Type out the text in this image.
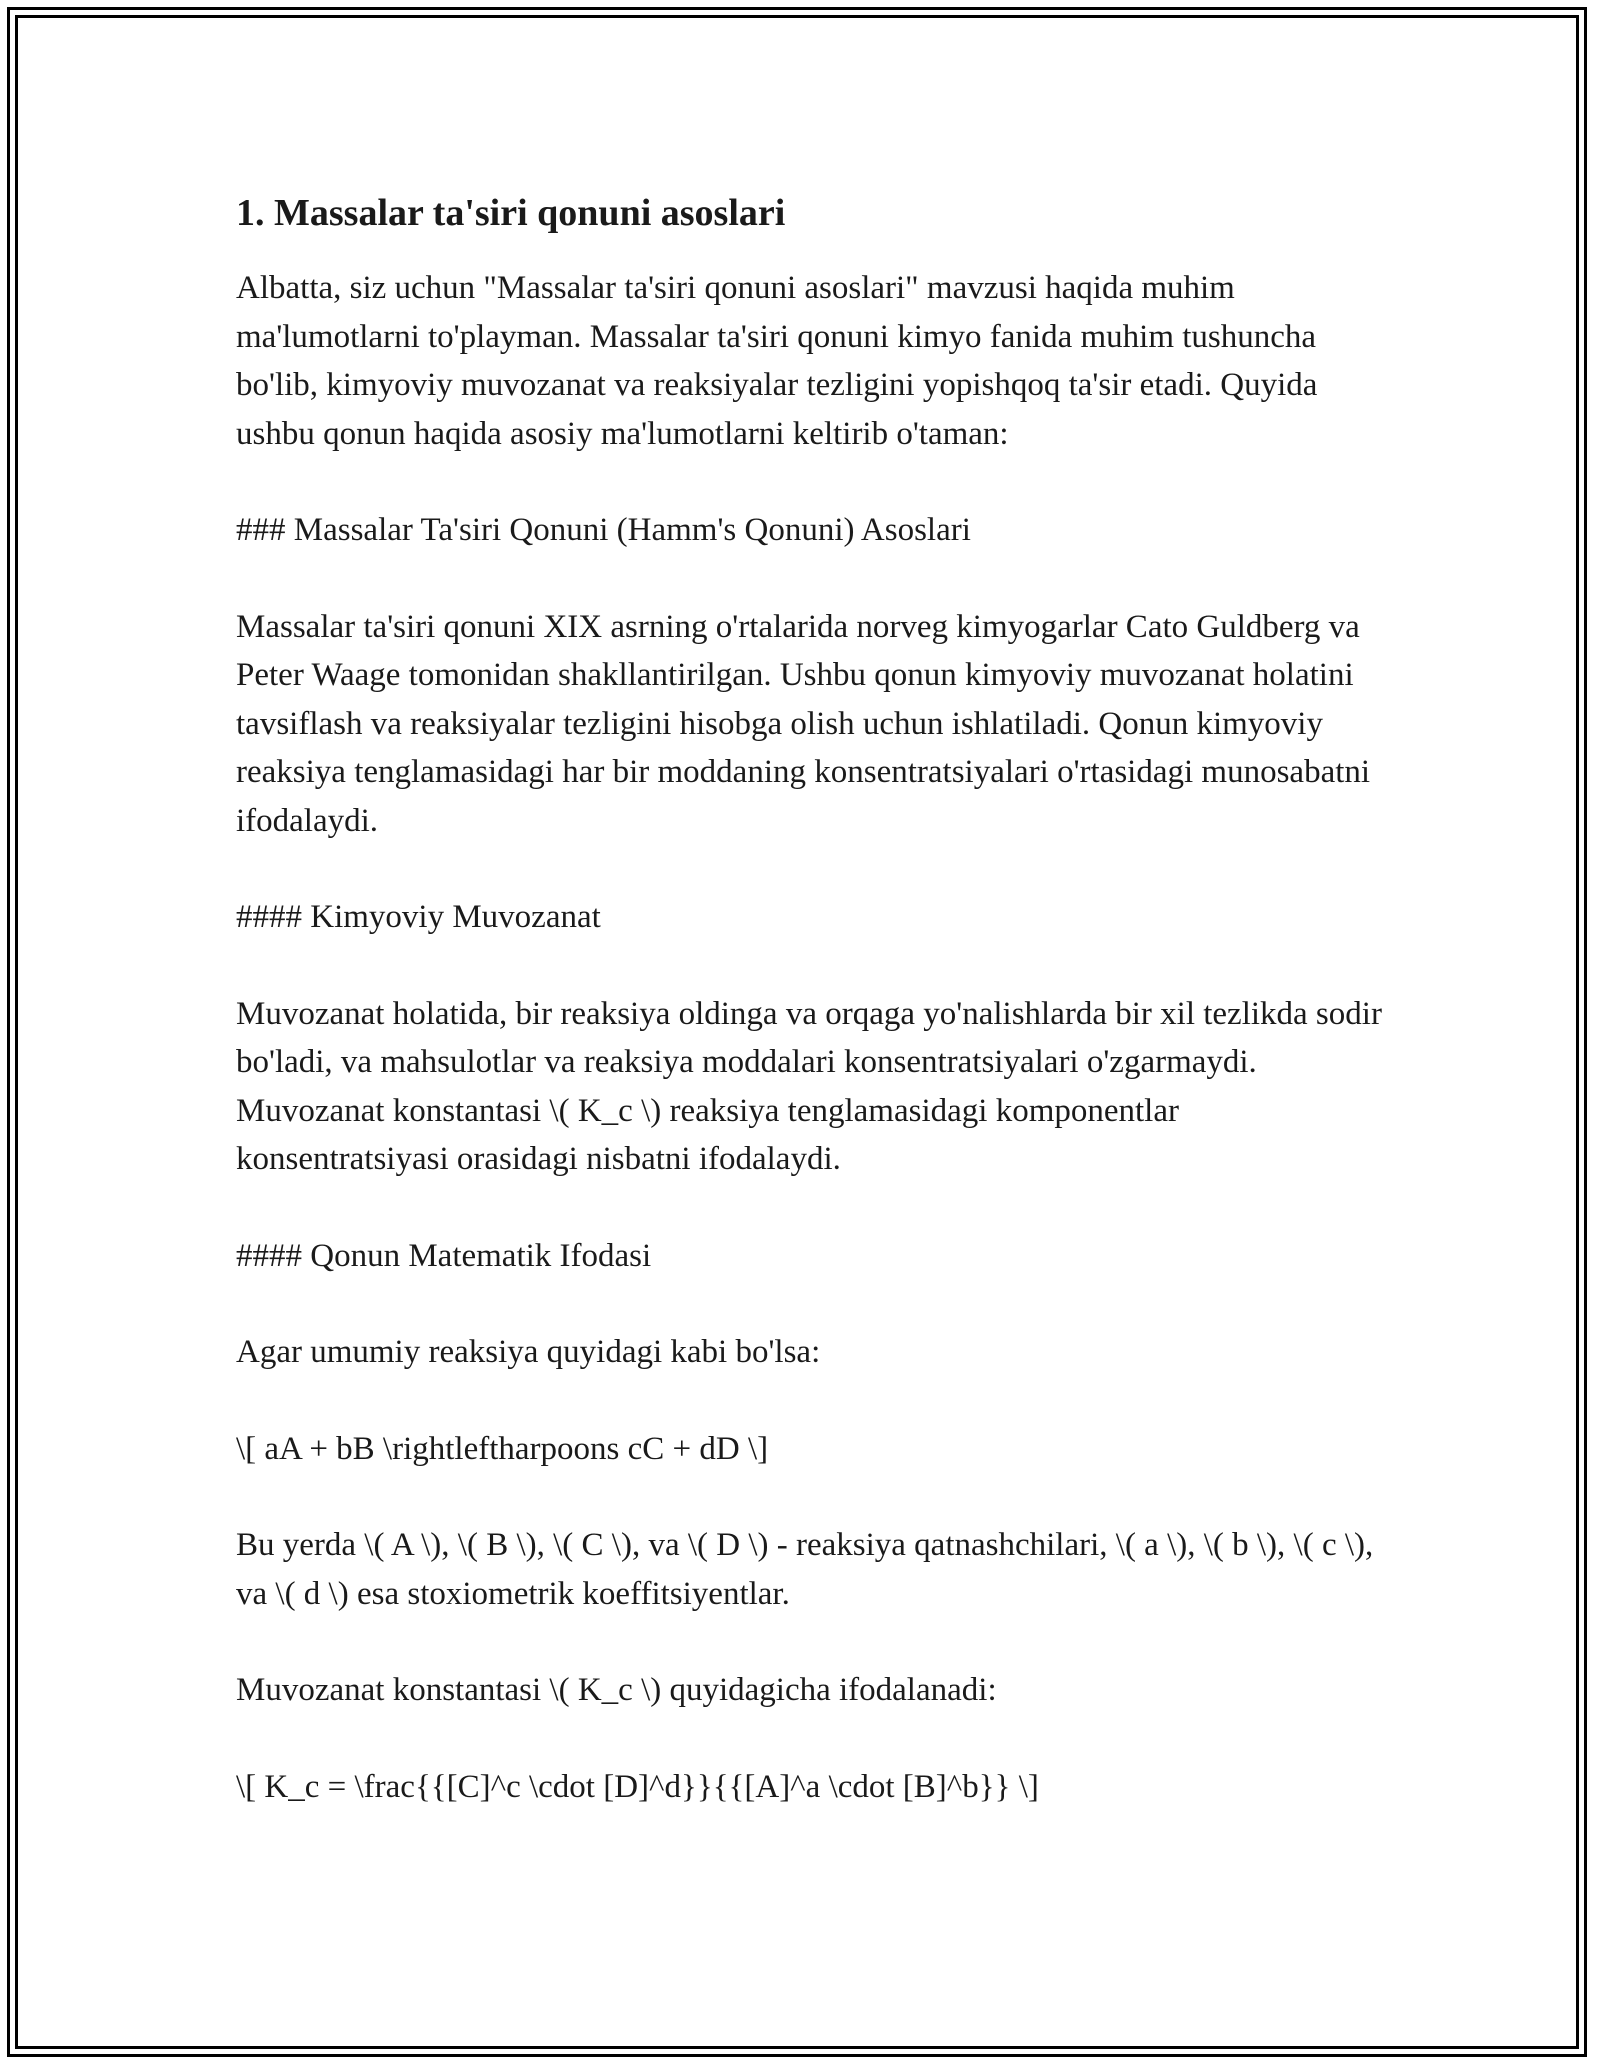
1. Massalar ta'siri qonuni asoslari

Albatta, siz uchun "Massalar ta'siri qonuni asoslari" mavzusi haqida muhim ma'lumotlarni to'playman. Massalar ta'siri qonuni kimyo fanida muhim tushuncha bo'lib, kimyoviy muvozanat va reaksiyalar tezligini yopishqoq ta'sir etadi. Quyida ushbu qonun haqida asosiy ma'lumotlarni keltirib o'taman:

### Massalar Ta'siri Qonuni (Hamm's Qonuni) Asoslari

Massalar ta'siri qonuni XIX asrning o'rtalarida norveg kimyogarlar Cato Guldberg va Peter Waage tomonidan shakllantirilgan. Ushbu qonun kimyoviy muvozanat holatini tavsiflash va reaksiyalar tezligini hisobga olish uchun ishlatiladi. Qonun kimyoviy reaksiya tenglamasidagi har bir moddaning konsentratsiyalari o'rtasidagi munosabatni ifodalaydi.

#### Kimyoviy Muvozanat

Muvozanat holatida, bir reaksiya oldinga va orqaga yo'nalishlarda bir xil tezlikda sodir bo'ladi, va mahsulotlar va reaksiya moddalari konsentratsiyalari o'zgarmaydi. Muvozanat konstantasi \( K_c \) reaksiya tenglamasidagi komponentlar konsentratsiyasi orasidagi nisbatni ifodalaydi.

#### Qonun Matematik Ifodasi

Agar umumiy reaksiya quyidagi kabi bo'lsa:

\[ aA + bB \rightleftharpoons cC + dD \]

Bu yerda \( A \), \( B \), \( C \), va \( D \) - reaksiya qatnashchilari, \( a \), \( b \), \( c \), va \( d \) esa stoxiometrik koeffitsiyentlar.

Muvozanat konstantasi \( K_c \) quyidagicha ifodalanadi:

\[ K_c = \frac{{[C]^c \cdot [D]^d}}{{[A]^a \cdot [B]^b}} \]
